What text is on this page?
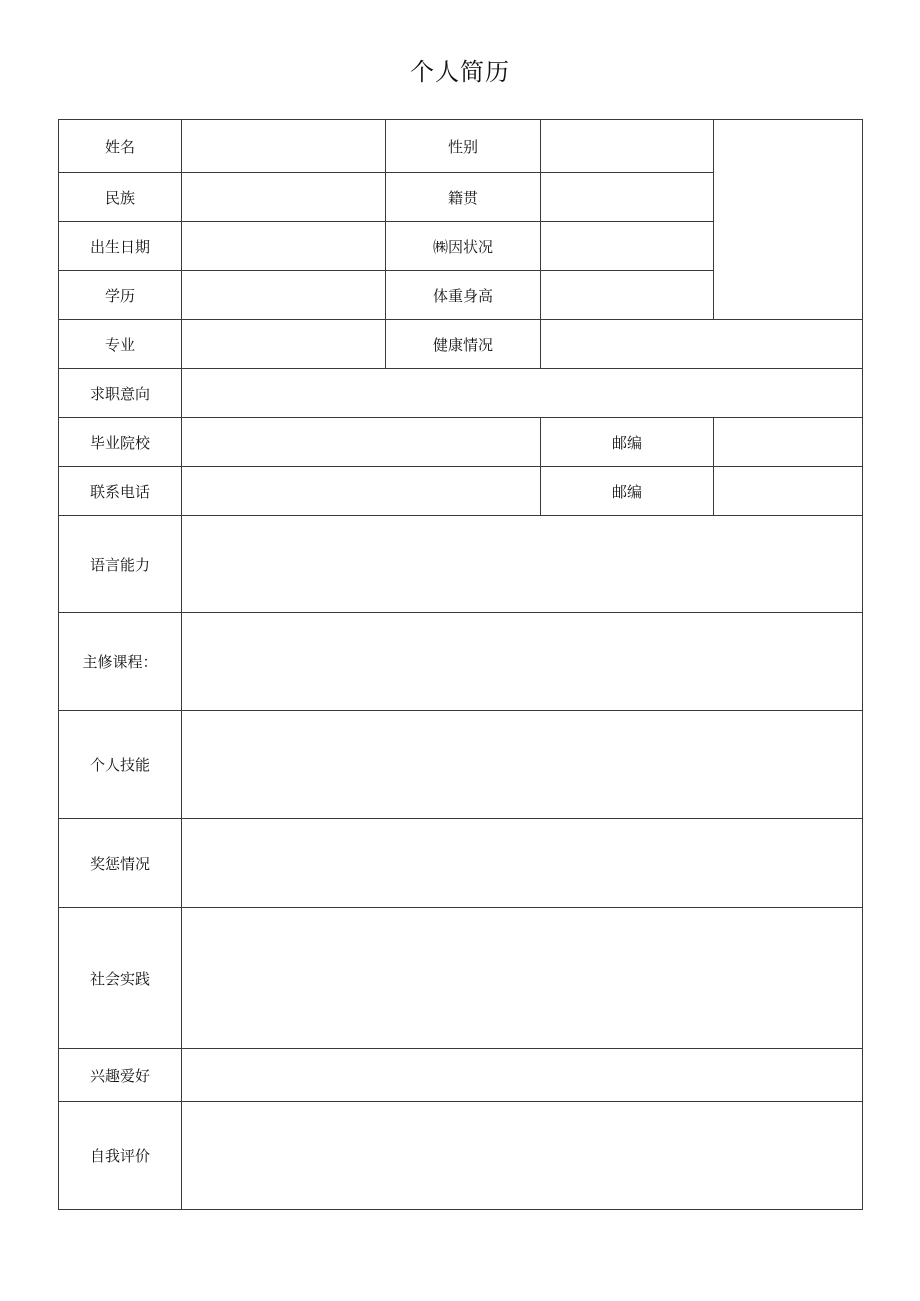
个人简历
姓名		性别		
民族		籍贯		
出生日期		㈱因状况		
学历		体重身高		
专业		健康情况		
求职意向				
毕业院校			邮编	
联系电话			邮编	
语言能力				
主修课程：				
个人技能				
奖惩情况				
社会实践				
兴趣爱好				
自我评价				
